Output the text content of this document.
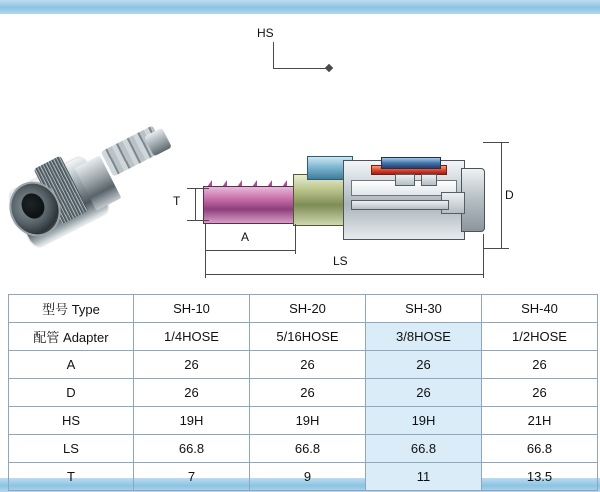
HS
T
A
LS
D
型号 Type	SH-10	SH-20	SH-30	SH-40
配管 Adapter	1/4HOSE	5/16HOSE	3/8HOSE	1/2HOSE
A	26	26	26	26
D	26	26	26	26
HS	19H	19H	19H	21H
LS	66.8	66.8	66.8	66.8
T	7	9	11	13.5
